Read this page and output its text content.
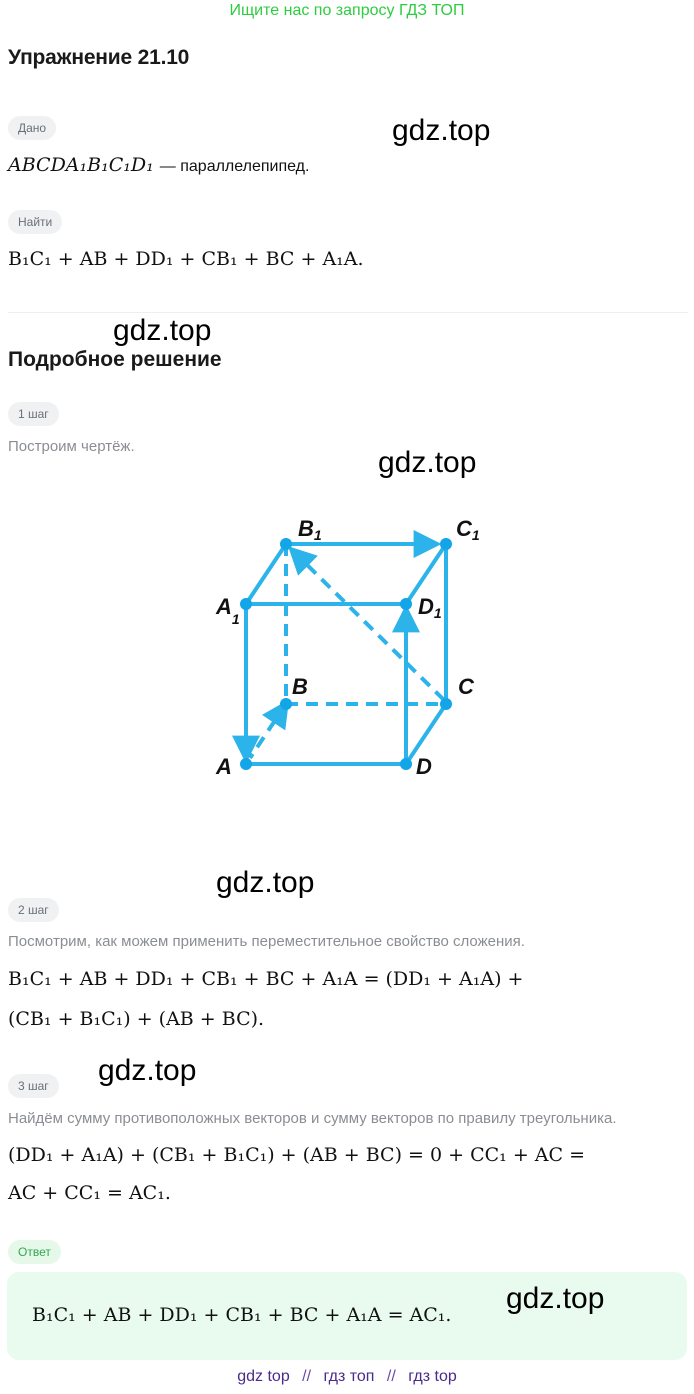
Ищите нас по запросу ГДЗ ТОП
Упражнение 21.10
gdz.top
gdz.top
gdz.top
gdz.top
gdz.top
Дано
ABCDA₁B₁C₁D₁ — параллелепипед.
Найти
B₁C₁ + AB + DD₁ + CB₁ + BC + A₁A.
Подробное решение
1 шаг
Построим чертёж.
B1	C1
$A_1$	D1
B	C
A	D
2 шаг
Посмотрим, как можем применить переместительное свойство сложения.
B₁C₁ + AB + DD₁ + CB₁ + BC + A₁A = (DD₁ + A₁A) +
(CB₁ + B₁C₁) + (AB + BC).
3 шаг
Найдём сумму противоположных векторов и сумму векторов по правилу треугольника.
(DD₁ + A₁A) + (CB₁ + B₁C₁) + (AB + BC) = 0 + CC₁ + AC =
AC + CC₁ = AC₁.
Ответ
B₁C₁ + AB + DD₁ + CB₁ + BC + A₁A = AC₁. gdz.top
gdz top // гдз топ // гдз top
